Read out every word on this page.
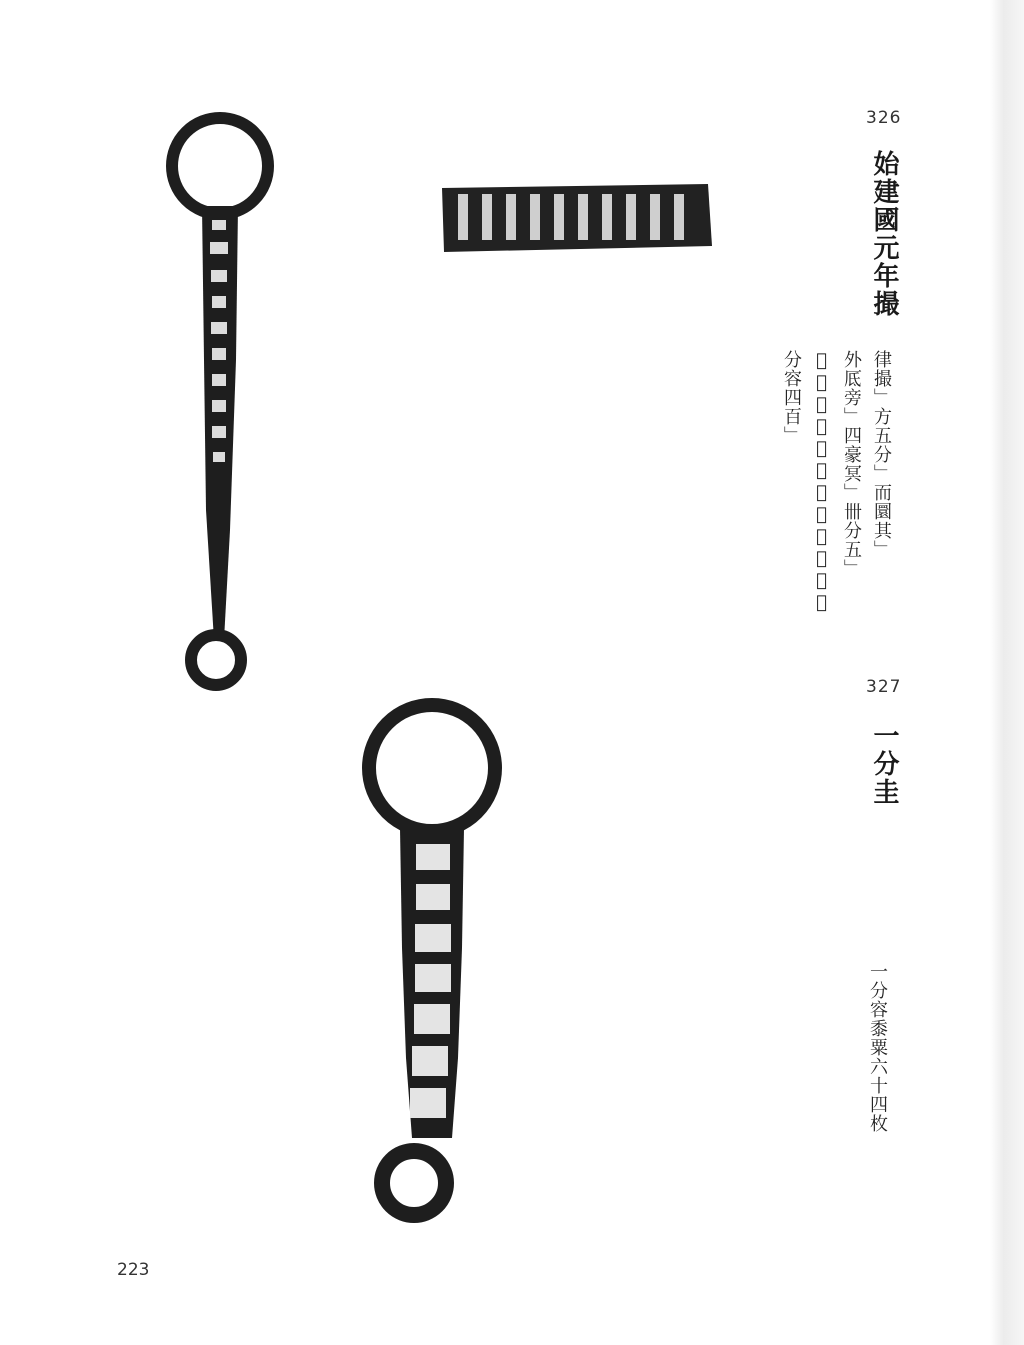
326
始建國元年撮
律撮」方五分」而圜其」
外厎旁」四豪冥」卌分五」
𡑽深四」分積百」六十二」
分容四百」
327
一分圭
一分容黍粟六十四枚
223
